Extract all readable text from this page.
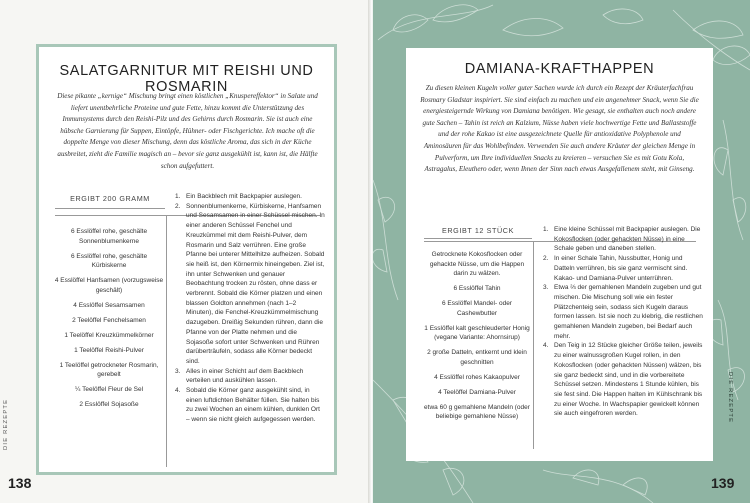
SALATGARNITUR MIT REISHI UND ROSMARIN
Diese pikante „kernige“ Mischung bringt einen köstlichen „Knuspereffektor“ in Salate und liefert unentbehrliche Proteine und gute Fette, hinzu kommt die Unterstützung des Immunsystems durch den Reishi-Pilz und des Gehirns durch Rosmarin. Sie ist auch eine hübsche Garnierung für Suppen, Eintöpfe, Hühner- oder Fischgerichte. Ich mache oft die doppelte Menge von dieser Mischung, denn das köstliche Aroma, das sich in der Küche ausbreitet, zieht die Familie magisch an – bevor sie ganz ausgekühlt ist, kann ist, die Hälfte schon aufgefuttert.
ERGIBT 200 GRAMM
6 Esslöffel rohe, geschälte Sonnenblumenkerne
6 Esslöffel rohe, geschälte Kürbiskerne
4 Esslöffel Hanfsamen (vorzugsweise geschält)
4 Esslöffel Sesamsamen
2 Teelöffel Fenchelsamen
1 Teelöffel Kreuzkümmelkörner
1 Teelöffel Reishi-Pulver
1 Teelöffel getrockneter Rosmarin, gerebelt
¼ Teelöffel Fleur de Sel
2 Esslöffel Sojasoße
1. Ein Backblech mit Backpapier auslegen.
2. Sonnenblumenkerne, Kürbiskerne, Hanfsamen und Sesamsamen in einer Schüssel mischen. In einer anderen Schüssel Fenchel und Kreuzkümmel mit dem Reishi-Pulver, dem Rosmarin und Salz verrühren. Eine große Pfanne bei unterer Mittelhitze aufheizen. Sobald sie heiß ist, den Körnermix hineingeben. Ziel ist, ihn unter Schwenken und genauer Beobachtung trocken zu rösten, ohne dass er verbrennt. Sobald die Körner platzen und einen blassen Goldton annehmen (nach 1–2 Minuten), die Fenchel-Kreuzkümmelmischung dazugeben. Dreißig Sekunden rühren, dann die Pfanne von der Platte nehmen und die Sojasoße sofort unter Schwenken und Rühren darüberträufeln, sodass alle Körner bedeckt sind.
3. Alles in einer Schicht auf dem Backblech verteilen und auskühlen lassen.
4. Sobald die Körner ganz ausgekühlt sind, in einen luftdichten Behälter füllen. Sie halten bis zu zwei Wochen an einem kühlen, dunklen Ort – wenn sie nicht gleich aufgegessen werden.
DIE REZEPTE
138
DAMIANA-KRAFTHAPPEN
Zu diesen kleinen Kugeln voller guter Sachen wurde ich durch ein Rezept der Kräuterfachfrau Rosmary Gladstar inspiriert. Sie sind einfach zu machen und ein angenehmer Snack, wenn Sie die energiesteigernde Wirkung von Damiana benötigen. Wie gesagt, sie enthalten auch noch andere gute Sachen – Tahin ist reich an Kalzium, Nüsse haben viele hochwertige Fette und Ballaststoffe und der rohe Kakao ist eine ausgezeichnete Quelle für antioxidative Polyphenole und Aminosäuren für das Wohlbefinden. Verwenden Sie auch andere Kräuter der gleichen Menge in Pulverform, um Ihre individuellen Snacks zu kreieren – versuchen Sie es mit Gotu Kola, Astragalus, Eleuthero oder, wenn Ihnen der Sinn nach etwas Ausgefallenem steht, mit Ginseng.
ERGIBT 12 STÜCK
Getrocknete Kokosflocken oder gehackte Nüsse, um die Happen darin zu wälzen.
6 Esslöffel Tahin
6 Esslöffel Mandel- oder Cashewbutter
1 Esslöffel kalt geschleuderter Honig (vegane Variante: Ahornsirup)
2 große Datteln, entkernt und klein geschnitten
4 Esslöffel rohes Kakaopulver
4 Teelöffel Damiana-Pulver
etwa 60 g gemahlene Mandeln (oder beliebige gemahlene Nüsse)
1. Eine kleine Schüssel mit Backpapier auslegen. Die Kokosflocken (oder gehackten Nüsse) in eine Schale geben und daneben stellen.
2. In einer Schale Tahin, Nussbutter, Honig und Datteln verrühren, bis sie ganz vermischt sind. Kakao- und Damiana-Pulver unterrühren.
3. Etwa ⅔ der gemahlenen Mandeln zugeben und gut mischen. Die Mischung soll wie ein fester Plätzchenteig sein, sodass sich Kugeln daraus formen lassen. Ist sie noch zu klebrig, die restlichen gemahlenen Mandeln zugeben, bei Bedarf auch mehr.
4. Den Teig in 12 Stücke gleicher Größe teilen, jeweils zu einer walnussgroßen Kugel rollen, in den Kokosflocken (oder gehackten Nüssen) wälzen, bis sie ganz bedeckt sind, und in die vorbereitete Schüssel setzen. Mindestens 1 Stunde kühlen, bis sie fest sind. Die Happen halten im Kühlschrank bis zu einer Woche. In Wachspapier gewickelt können sie auch eingefroren werden.	DIE REZEPTE
139
